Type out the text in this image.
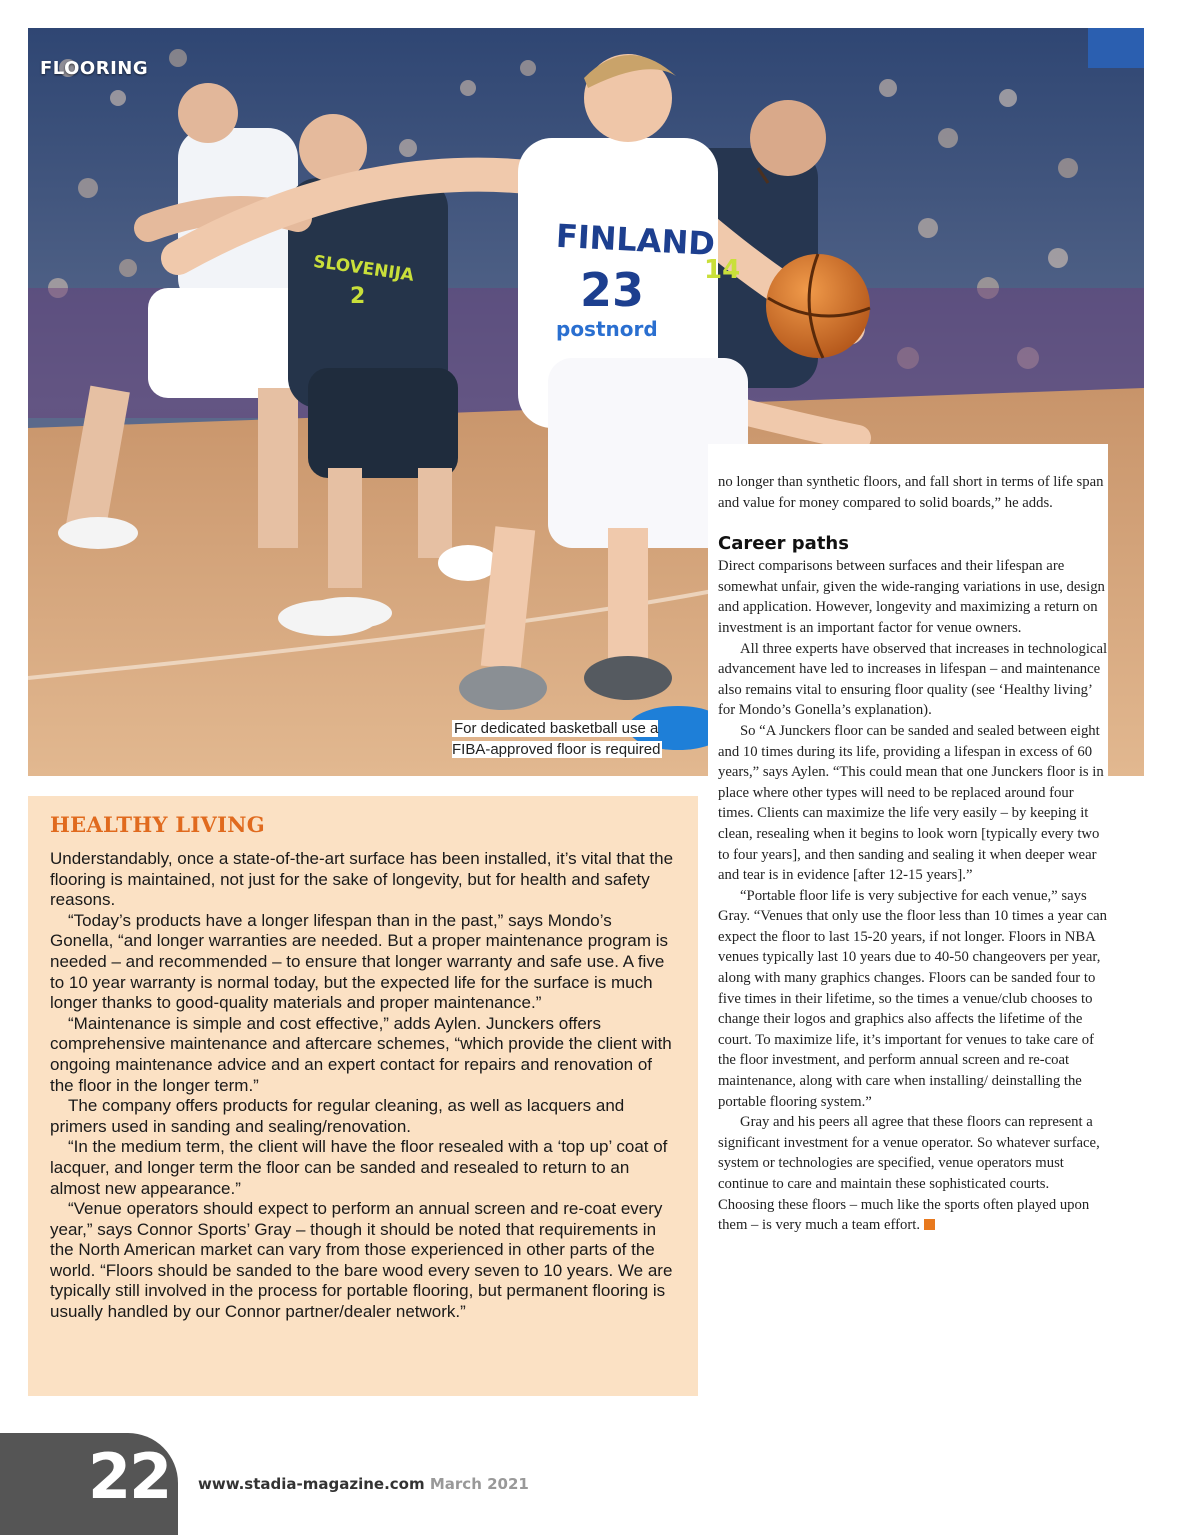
FINLAND
23
postnord
SLOVENIJA
2
14
FLOORING
For dedicated basketball use a FIBA-approved floor is required

no longer than synthetic floors, and fall short in terms of life span and value for money compared to solid boards,” he adds.

Career paths

Direct comparisons between surfaces and their lifespan are somewhat unfair, given the wide-ranging variations in use, design and application. However, longevity and maximizing a return on investment is an important factor for venue owners.

All three experts have observed that increases in technological advancement have led to increases in lifespan – and maintenance also remains vital to ensuring floor quality (see ‘Healthy living’ for Mondo’s Gonella’s explanation).

So “A Junckers floor can be sanded and sealed between eight and 10 times during its life, providing a lifespan in excess of 60 years,” says Aylen. “This could mean that one Junckers floor is in place where other types will need to be replaced around four times. Clients can maximize the life very easily – by keeping it clean, resealing when it begins to look worn [typically every two to four years], and then sanding and sealing it when deeper wear and tear is in evidence [after 12-15 years].”

“Portable floor life is very subjective for each venue,” says Gray. “Venues that only use the floor less than 10 times a year can expect the floor to last 15-20 years, if not longer. Floors in NBA venues typically last 10 years due to 40-50 changeovers per year, along with many graphics changes. Floors can be sanded four to five times in their lifetime, so the times a venue/club chooses to change their logos and graphics also affects the lifetime of the court. To maximize life, it’s important for venues to take care of the floor investment, and perform annual screen and re-coat maintenance, along with care when installing/ deinstalling the portable flooring system.”

Gray and his peers all agree that these floors can represent a significant investment for a venue operator. So whatever surface, system or technologies are specified, venue operators must continue to care and maintain these sophisticated courts. Choosing these floors – much like the sports often played upon them – is very much a team effort.

HEALTHY LIVING

Understandably, once a state-of-the-art surface has been installed, it’s vital that the flooring is maintained, not just for the sake of longevity, but for health and safety reasons.

“Today’s products have a longer lifespan than in the past,” says Mondo’s Gonella, “and longer warranties are needed. But a proper maintenance program is needed – and recommended – to ensure that longer warranty and safe use. A five to 10 year warranty is normal today, but the expected life for the surface is much longer thanks to good-quality materials and proper maintenance.”

“Maintenance is simple and cost effective,” adds Aylen. Junckers offers comprehensive maintenance and aftercare schemes, “which provide the client with ongoing maintenance advice and an expert contact for repairs and renovation of the floor in the longer term.”

The company offers products for regular cleaning, as well as lacquers and primers used in sanding and sealing/renovation.

“In the medium term, the client will have the floor resealed with a ‘top up’ coat of lacquer, and longer term the floor can be sanded and resealed to return to an almost new appearance.”

“Venue operators should expect to perform an annual screen and re-coat every year,” says Connor Sports’ Gray – though it should be noted that requirements in the North American market can vary from those experienced in other parts of the world. “Floors should be sanded to the bare wood every seven to 10 years. We are typically still involved in the process for portable flooring, but permanent flooring is usually handled by our Connor partner/dealer network.”

22 www.stadia-magazine.com March 2021
